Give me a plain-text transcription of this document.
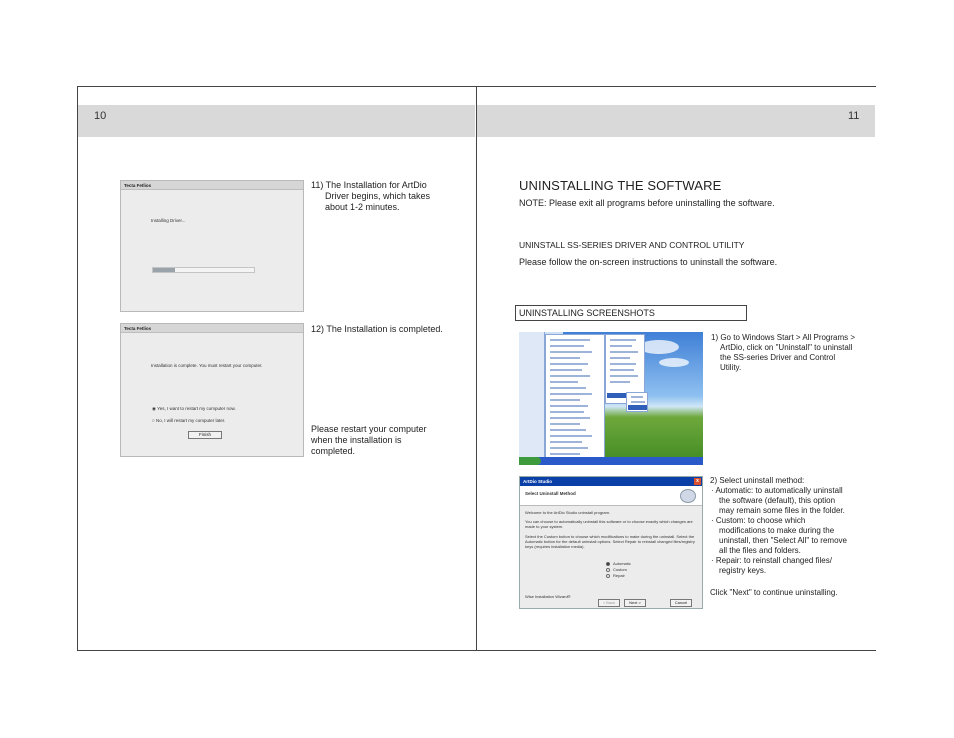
10	11
Tecta Fetlios
Installing Driver...
11) The Installation for ArtDio
Driver begins, which takes
about 1-2 minutes.
Tecta Fetlios
Installation is complete. You must restart your computer.
◉ Yes, I want to restart my computer now.
○ No, I will restart my computer later.
Finish
12) The Installation is completed.
Please restart your computer
when the installation is
completed.
UNINSTALLING THE SOFTWARE
NOTE: Please exit all programs before uninstalling the software.
UNINSTALL SS-SERIES DRIVER AND CONTROL UTILITY
Please follow the on-screen instructions to uninstall the software.
UNINSTALLING SCREENSHOTS
1) Go to Windows Start > All Programs >
ArtDio, click on "Uninstall" to uninstall
the SS-series Driver and Control
Utility.
ArtDio Studio	x
Select Uninstall Method
Welcome to the ArtDio Studio uninstall program.
You can choose to automatically uninstall this software or to choose exactly which changes are
made to your system.
Select the Custom button to choose which modifications to make during the uninstall. Select the
Automatic button for the default uninstall options. Select Repair to reinstall changed files/registry
keys (requires installation media).
Automatic
Custom
Repair
Wise Installation Wizard®
< Back	Next >	Cancel
2) Select uninstall method:
· Automatic: to automatically uninstall
the software (default), this option
may remain some files in the folder.
· Custom: to choose which
modifications to make during the
uninstall, then "Select All" to remove
all the files and folders.
· Repair: to reinstall changed files/
registry keys.
Click "Next" to continue uninstalling.
